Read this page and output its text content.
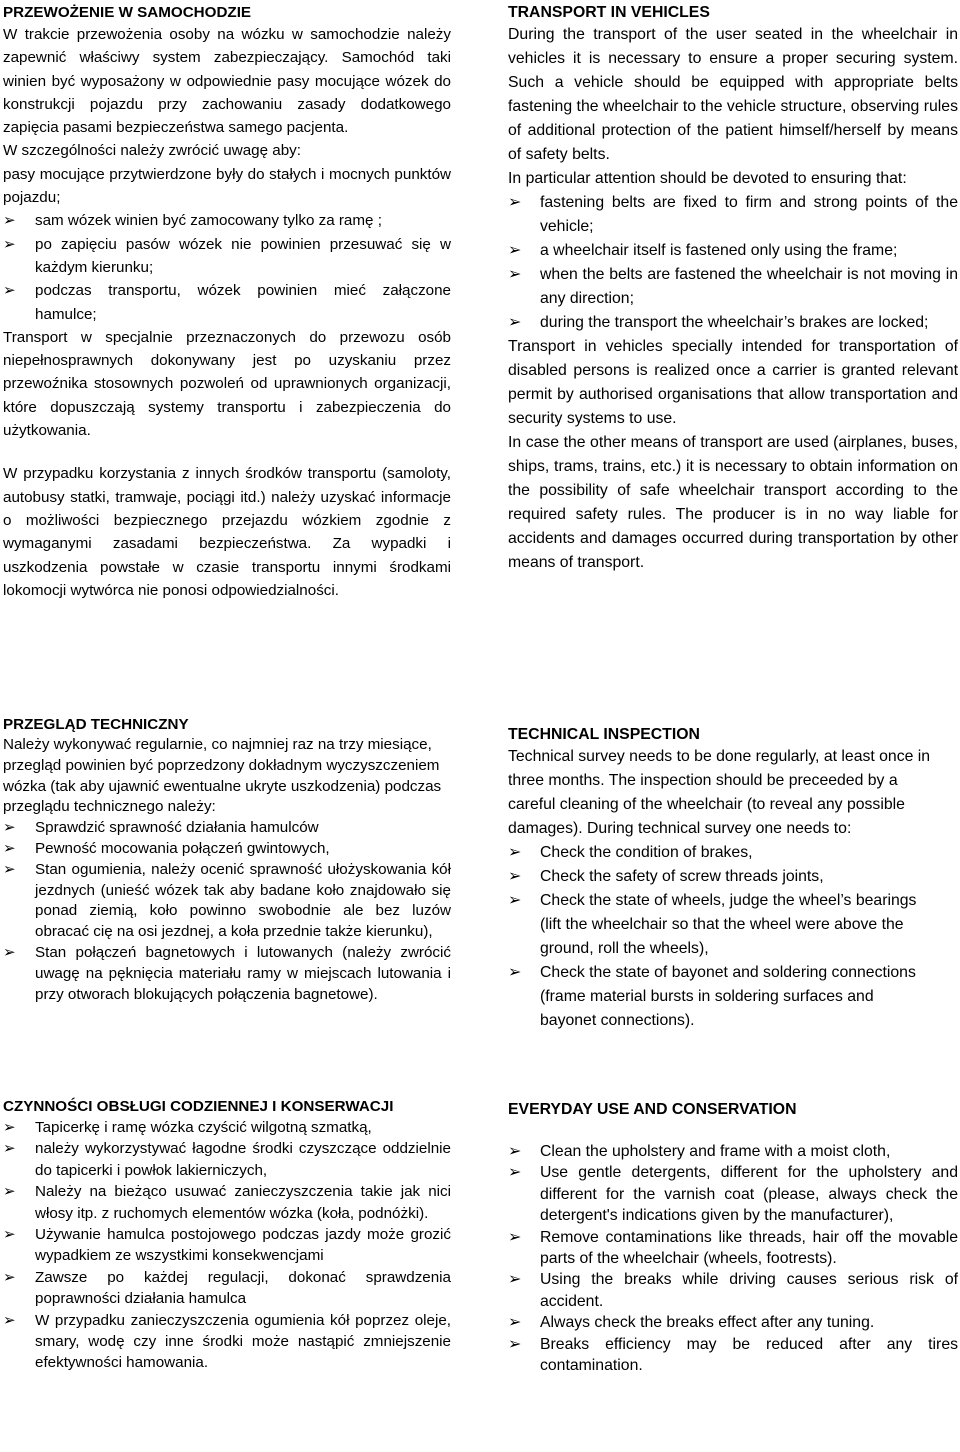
PRZEWOŻENIE W SAMOCHODZIE

W trakcie przewożenia osoby na wózku w samochodzie należy zapewnić właściwy system zabezpieczający. Samochód taki winien być wyposażony w odpowiednie pasy mocujące wózek do konstrukcji pojazdu przy zachowaniu zasady dodatkowego zapięcia pasami bezpieczeństwa samego pacjenta.

W szczególności należy zwrócić uwagę aby:

pasy mocujące przytwierdzone były do stałych i mocnych punktów pojazdu;

➢ sam wózek winien być zamocowany tylko za ramę ;
➢ po zapięciu pasów wózek nie powinien przesuwać się w każdym kierunku;
➢ podczas transportu, wózek powinien mieć załączone hamulce;

Transport w specjalnie przeznaczonych do przewozu osób niepełnosprawnych dokonywany jest po uzyskaniu przez przewoźnika stosownych pozwoleń od uprawnionych organizacji, które dopuszczają systemy transportu i zabezpieczenia do użytkowania.

W przypadku korzystania z innych środków transportu (samoloty, autobusy statki, tramwaje, pociągi itd.) należy uzyskać informacje o możliwości bezpiecznego przejazdu wózkiem zgodnie z wymaganymi zasadami bezpieczeństwa. Za wypadki i uszkodzenia powstałe w czasie transportu innymi środkami lokomocji wytwórca nie ponosi odpowiedzialności.

PRZEGLĄD TECHNICZNY

Należy wykonywać regularnie, co najmniej raz na trzy miesiące, przegląd powinien być poprzedzony dokładnym wyczyszczeniem wózka (tak aby ujawnić ewentualne ukryte uszkodzenia) podczas przeglądu technicznego należy:

➢ Sprawdzić sprawność działania hamulców
➢ Pewność mocowania połączeń gwintowych,
➢ Stan ogumienia, należy ocenić sprawność ułożyskowania kół jezdnych (unieść wózek tak aby badane koło znajdowało się ponad ziemią, koło powinno swobodnie ale bez luzów obracać cię na osi jezdnej, a koła przednie także kierunku),
➢ Stan połączeń bagnetowych i lutowanych (należy zwrócić uwagę na pęknięcia materiału ramy w miejscach lutowania i przy otworach blokujących połączenia bagnetowe).
CZYNNOŚCI OBSŁUGI CODZIENNEJ I KONSERWACJI
➢ Tapicerkę i ramę wózka czyścić wilgotną szmatką,
➢ należy wykorzystywać łagodne środki czyszczące oddzielnie do tapicerki i powłok lakierniczych,
➢ Należy na bieżąco usuwać zanieczyszczenia takie jak nici włosy itp. z ruchomych elementów wózka (koła, podnóżki).
➢ Używanie hamulca postojowego podczas jazdy może grozić wypadkiem ze wszystkimi konsekwencjami
➢ Zawsze po każdej regulacji, dokonać sprawdzenia poprawności działania hamulca
➢ W przypadku zanieczyszczenia ogumienia kół poprzez oleje, smary, wodę czy inne środki może nastąpić zmniejszenie efektywności hamowania.
TRANSPORT IN VEHICLES

During the transport of the user seated in the wheelchair in vehicles it is necessary to ensure a proper securing system. Such a vehicle should be equipped with appropriate belts fastening the wheelchair to the vehicle structure, observing rules of additional protection of the patient himself/herself by means of safety belts.

In particular attention should be devoted to ensuring that:

➢ fastening belts are fixed to firm and strong points of the vehicle;
➢ a wheelchair itself is fastened only using the frame;
➢ when the belts are fastened the wheelchair is not moving in any direction;
➢ during the transport the wheelchair’s brakes are locked;

Transport in vehicles specially intended for transportation of disabled persons is realized once a carrier is granted relevant permit by authorised organisations that allow transportation and security systems to use.

In case the other means of transport are used (airplanes, buses, ships, trams, trains, etc.) it is necessary to obtain information on the possibility of safe wheelchair transport according to the required safety rules. The producer is in no way liable for accidents and damages occurred during transportation by other means of transport.

TECHNICAL INSPECTION

Technical survey needs to be done regularly, at least once in three months. The inspection should be preceeded by a careful cleaning of the wheelchair (to reveal any possible damages). During technical survey one needs to:

➢ Check the condition of brakes,
➢ Check the safety of screw threads joints,
➢ Check the state of wheels, judge the wheel’s bearings (lift the wheelchair so that the wheel were above the ground, roll the wheels),
➢ Check the state of bayonet and soldering connections (frame material bursts in soldering surfaces and bayonet connections).
EVERYDAY USE AND CONSERVATION
➢ Clean the upholstery and frame with a moist cloth,
➢ Use gentle detergents, different for the upholstery and different for the varnish coat (please, always check the detergent's indications given by the manufacturer),
➢ Remove contaminations like threads, hair off the movable parts of the wheelchair (wheels, footrests).
➢ Using the breaks while driving causes serious risk of accident.
➢ Always check the breaks effect after any tuning.
➢ Breaks efficiency may be reduced after any tires contamination.
